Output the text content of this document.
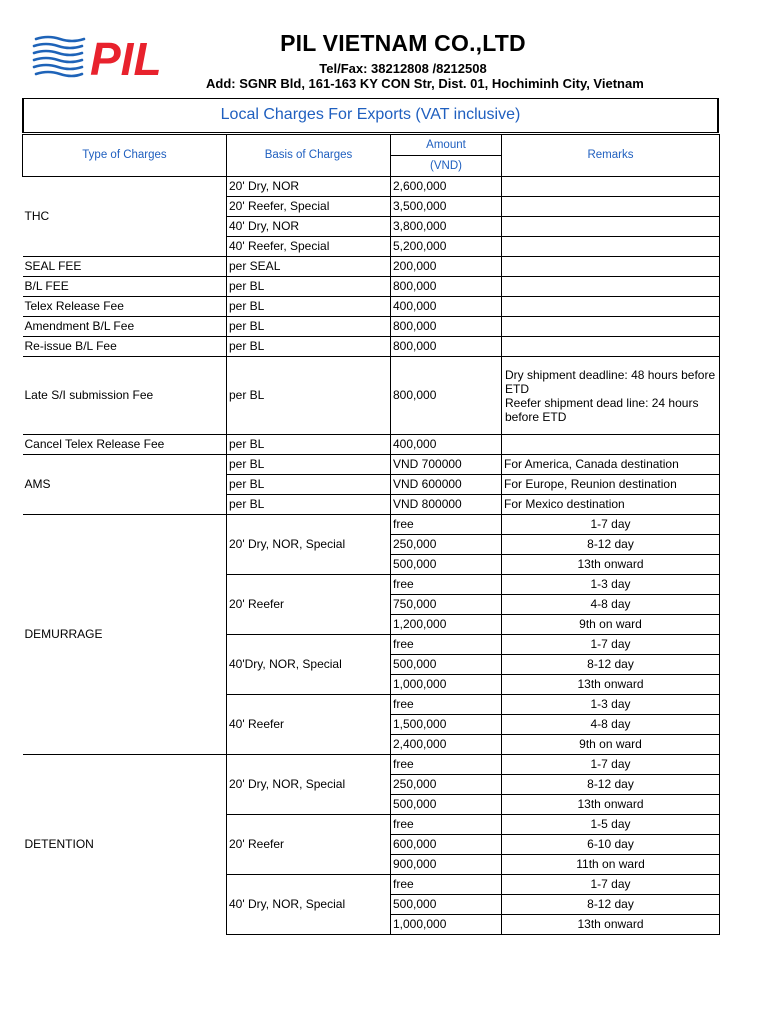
PIL	PIL VIETNAM CO.,LTD
Tel/Fax: 38212808 /8212508
Add: SGNR Bld, 161-163 KY CON Str, Dist. 01, Hochiminh City, Vietnam
Local Charges For Exports (VAT inclusive)
Type of Charges	Basis of Charges	Amount	Remarks
		(VND)	
THC	20' Dry, NOR	2,600,000	
	20' Reefer, Special	3,500,000	
	40' Dry, NOR	3,800,000	
	40' Reefer, Special	5,200,000	
SEAL FEE	per SEAL	200,000	
B/L FEE	per BL	800,000	
Telex Release Fee	per BL	400,000	
Amendment B/L Fee	per BL	800,000	
Re-issue B/L Fee	per BL	800,000	
Late S/I submission Fee	per BL	800,000	Dry shipment deadline: 48 hours before ETD
Reefer shipment dead line: 24 hours before ETD
Cancel Telex Release Fee	per BL	400,000	
AMS	per BL	VND 700000	For America, Canada destination
	per BL	VND 600000	For Europe, Reunion destination
	per BL	VND 800000	For Mexico destination
DEMURRAGE	20' Dry, NOR, Special	free	1-7 day
		250,000	8-12 day
		500,000	13th onward
	20' Reefer	free	1-3 day
		750,000	4-8 day
		1,200,000	9th on ward
	40'Dry, NOR, Special	free	1-7 day
		500,000	8-12 day
		1,000,000	13th onward
	40' Reefer	free	1-3 day
		1,500,000	4-8 day
		2,400,000	9th on ward
DETENTION	20' Dry, NOR, Special	free	1-7 day
		250,000	8-12 day
		500,000	13th onward
	20' Reefer	free	1-5 day
		600,000	6-10 day
		900,000	11th on ward
	40' Dry, NOR, Special	free	1-7 day
		500,000	8-12 day
		1,000,000	13th onward
